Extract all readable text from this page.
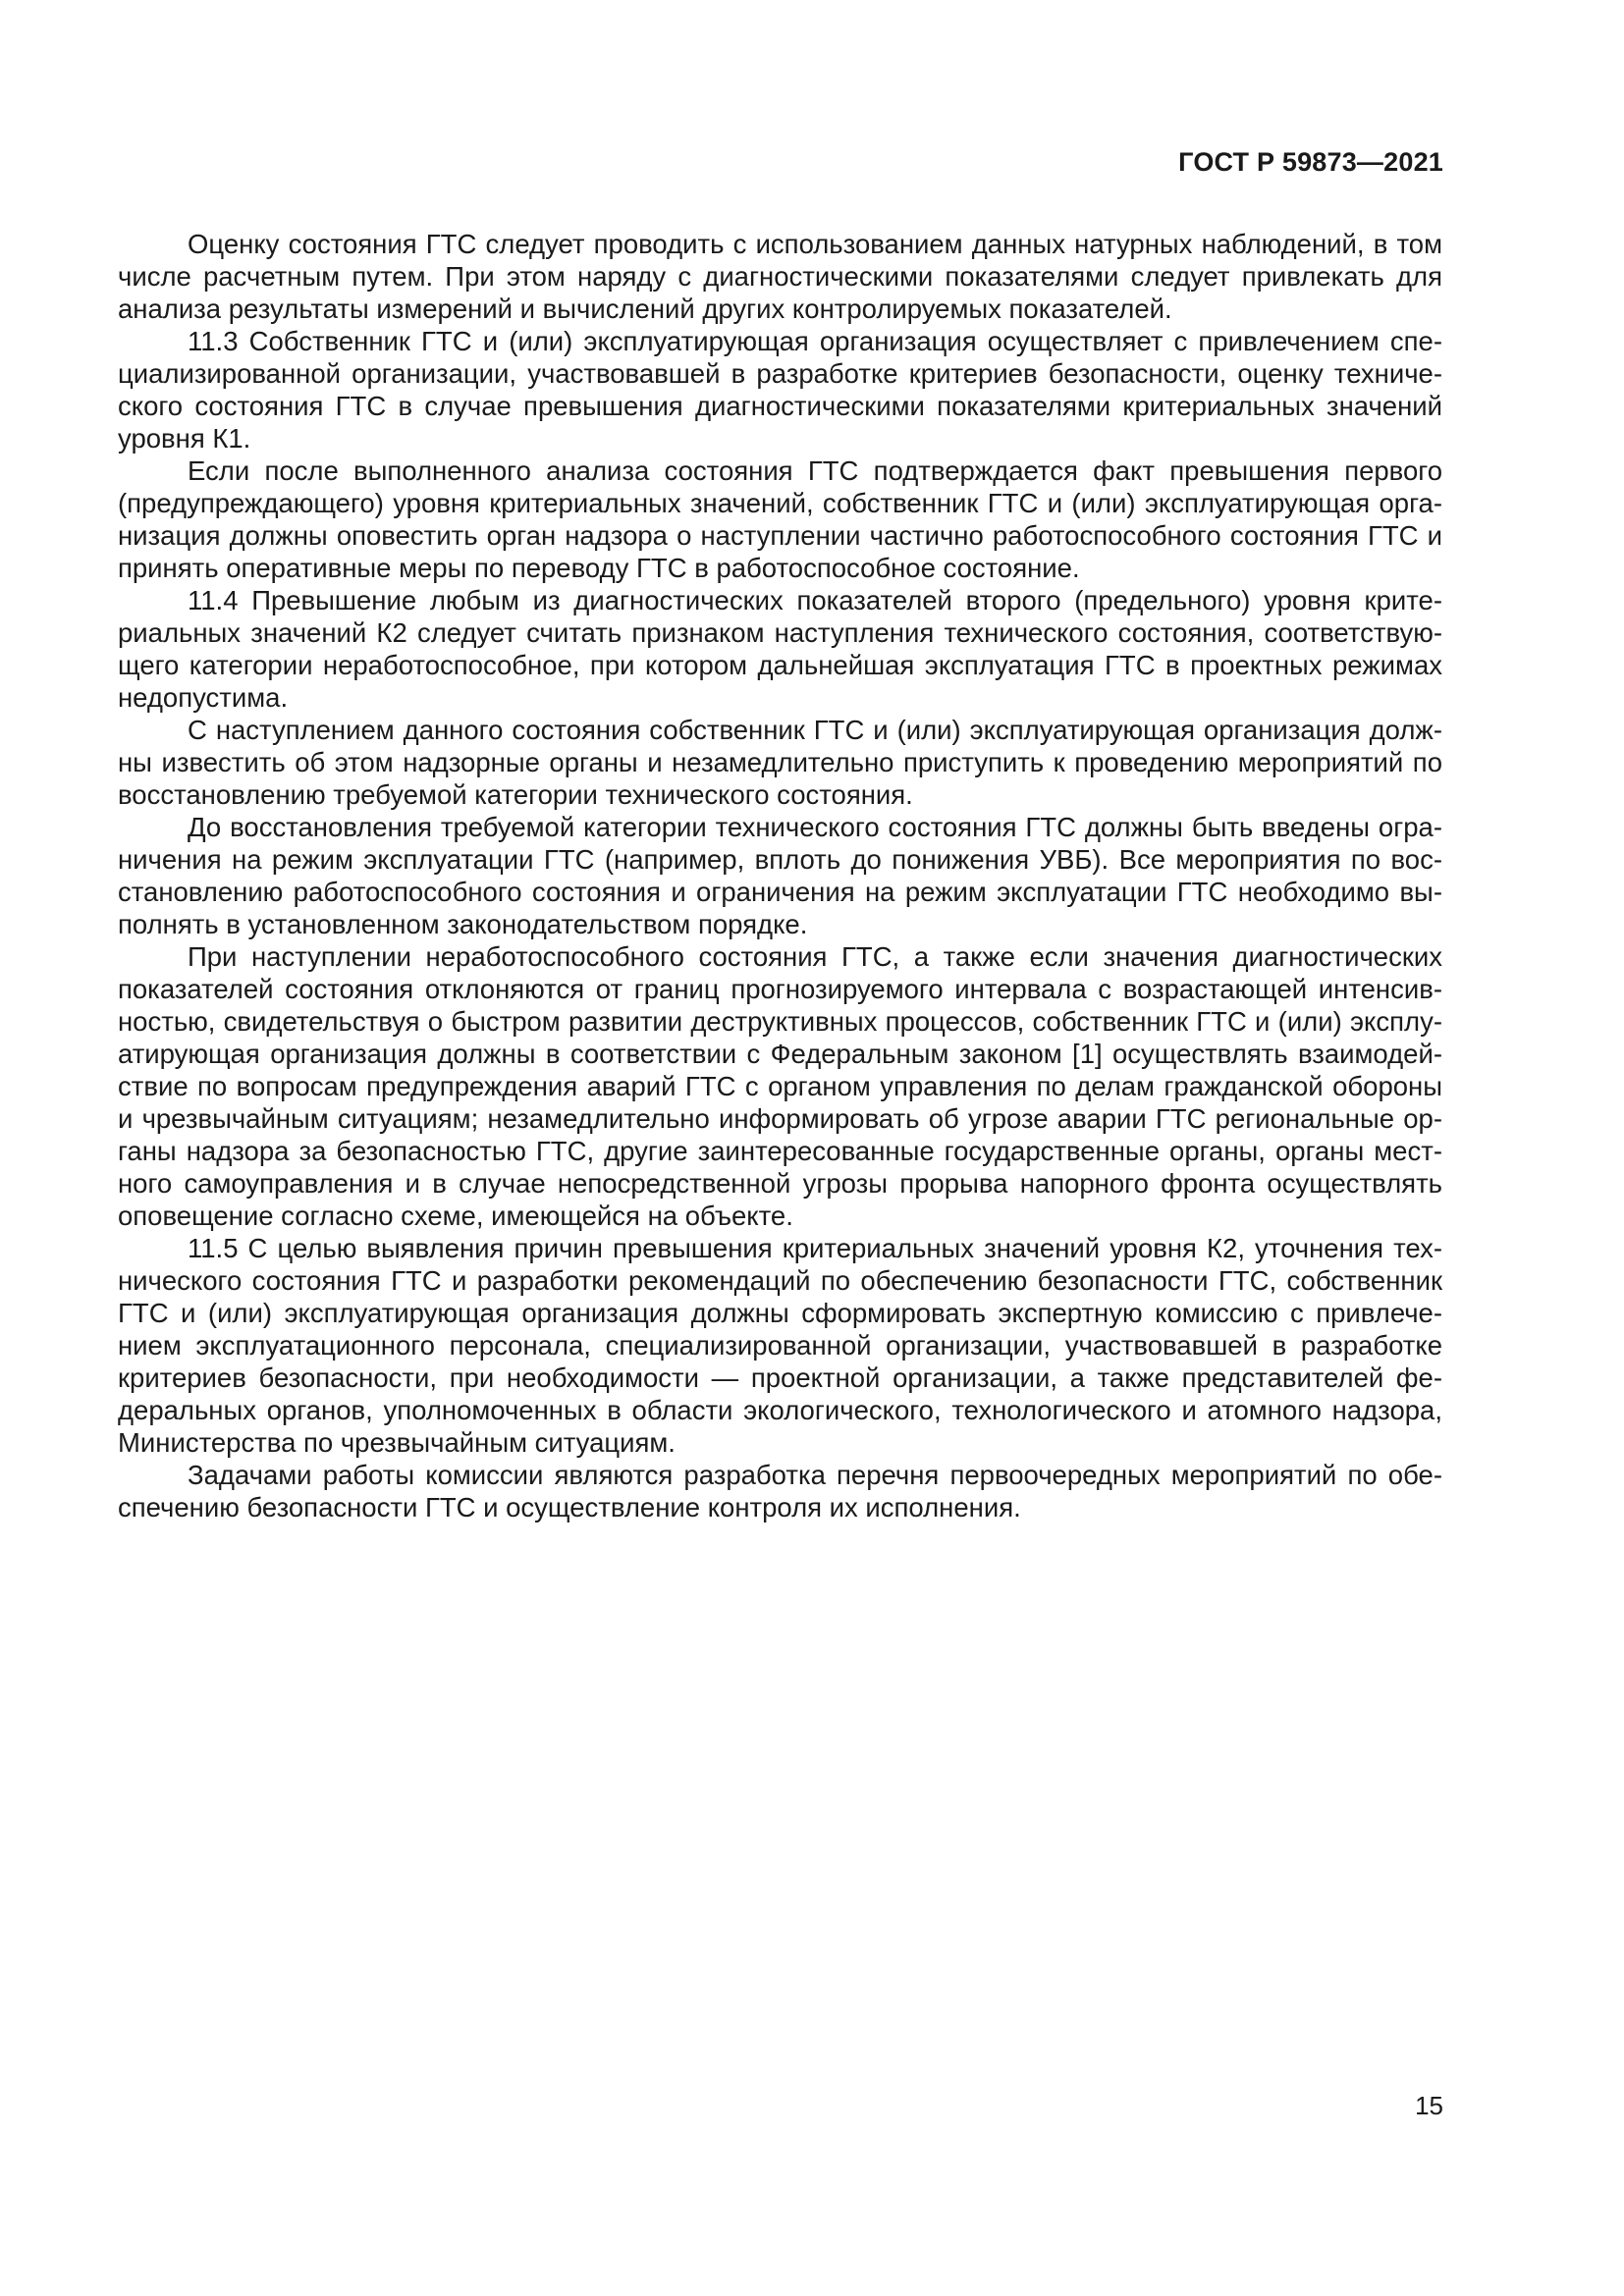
ГОСТ Р 59873—2021

Оценку состояния ГТС следует проводить с использованием данных натурных наблюдений, в том числе расчетным путем. При этом наряду с диагностическими показателями следует привлекать для анализа результаты измерений и вычислений других контролируемых показателей.

11.3 Собственник ГТС и (или) эксплуатирующая организация осуществляет с привлечением специализированной организации, участвовавшей в разработке критериев безопасности, оценку технического состояния ГТС в случае превышения диагностическими показателями критериальных значений уровня К1.

Если после выполненного анализа состояния ГТС подтверждается факт превышения первого (предупреждающего) уровня критериальных значений, собственник ГТС и (или) эксплуатирующая организация должны оповестить орган надзора о наступлении частично работоспособного состояния ГТС и принять оперативные меры по переводу ГТС в работоспособное состояние.

11.4 Превышение любым из диагностических показателей второго (предельного) уровня критериальных значений К2 следует считать признаком наступления технического состояния, соответствующего категории неработоспособное, при котором дальнейшая эксплуатация ГТС в проектных режимах недопустима.

С наступлением данного состояния собственник ГТС и (или) эксплуатирующая организация должны известить об этом надзорные органы и незамедлительно приступить к проведению мероприятий по восстановлению требуемой категории технического состояния.

До восстановления требуемой категории технического состояния ГТС должны быть введены ограничения на режим эксплуатации ГТС (например, вплоть до понижения УВБ). Все мероприятия по восстановлению работоспособного состояния и ограничения на режим эксплуатации ГТС необходимо выполнять в установленном законодательством порядке.

При наступлении неработоспособного состояния ГТС, а также если значения диагностических показателей состояния отклоняются от границ прогнозируемого интервала с возрастающей интенсивностью, свидетельствуя о быстром развитии деструктивных процессов, собственник ГТС и (или) эксплуатирующая организация должны в соответствии с Федеральным законом [1] осуществлять взаимодействие по вопросам предупреждения аварий ГТС с органом управления по делам гражданской обороны и чрезвычайным ситуациям; незамедлительно информировать об угрозе аварии ГТС региональные органы надзора за безопасностью ГТС, другие заинтересованные государственные органы, органы местного самоуправления и в случае непосредственной угрозы прорыва напорного фронта осуществлять оповещение согласно схеме, имеющейся на объекте.

11.5 С целью выявления причин превышения критериальных значений уровня К2, уточнения технического состояния ГТС и разработки рекомендаций по обеспечению безопасности ГТС, собственник ГТС и (или) эксплуатирующая организация должны сформировать экспертную комиссию с привлечением эксплуатационного персонала, специализированной организации, участвовавшей в разработке критериев безопасности, при необходимости — проектной организации, а также представителей федеральных органов, уполномоченных в области экологического, технологического и атомного надзора, Министерства по чрезвычайным ситуациям.

Задачами работы комиссии являются разработка перечня первоочередных мероприятий по обеспечению безопасности ГТС и осуществление контроля их исполнения.

15
